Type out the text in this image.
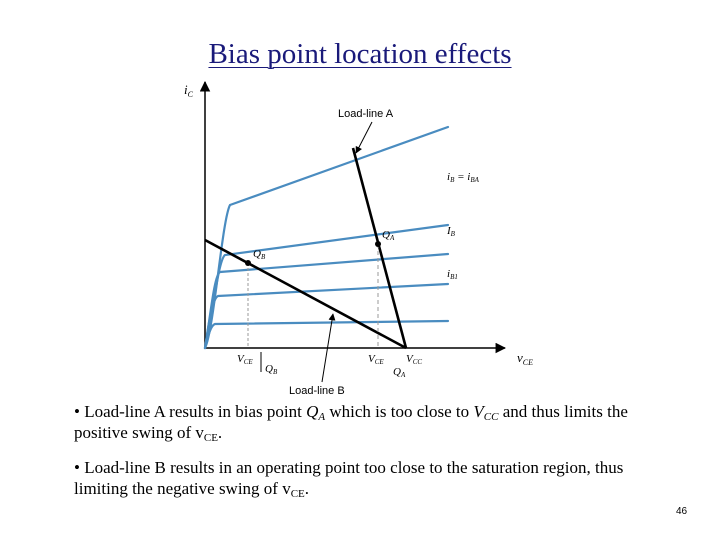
Bias point location effects
$i_C$
$v_{CE}$
Load-line A
Load-line B
iB = iBA
IB
iB1
QA
QB
VCE
QB
VCE VCC
QA
• Load-line A results in bias point $Q_A$ which is too close to $V_{CC}$ and thus limits the positive swing of $v_{CE}$.
• Load-line B results in an operating point too close to the saturation region, thus limiting the negative swing of $v_{CE}$.
46
